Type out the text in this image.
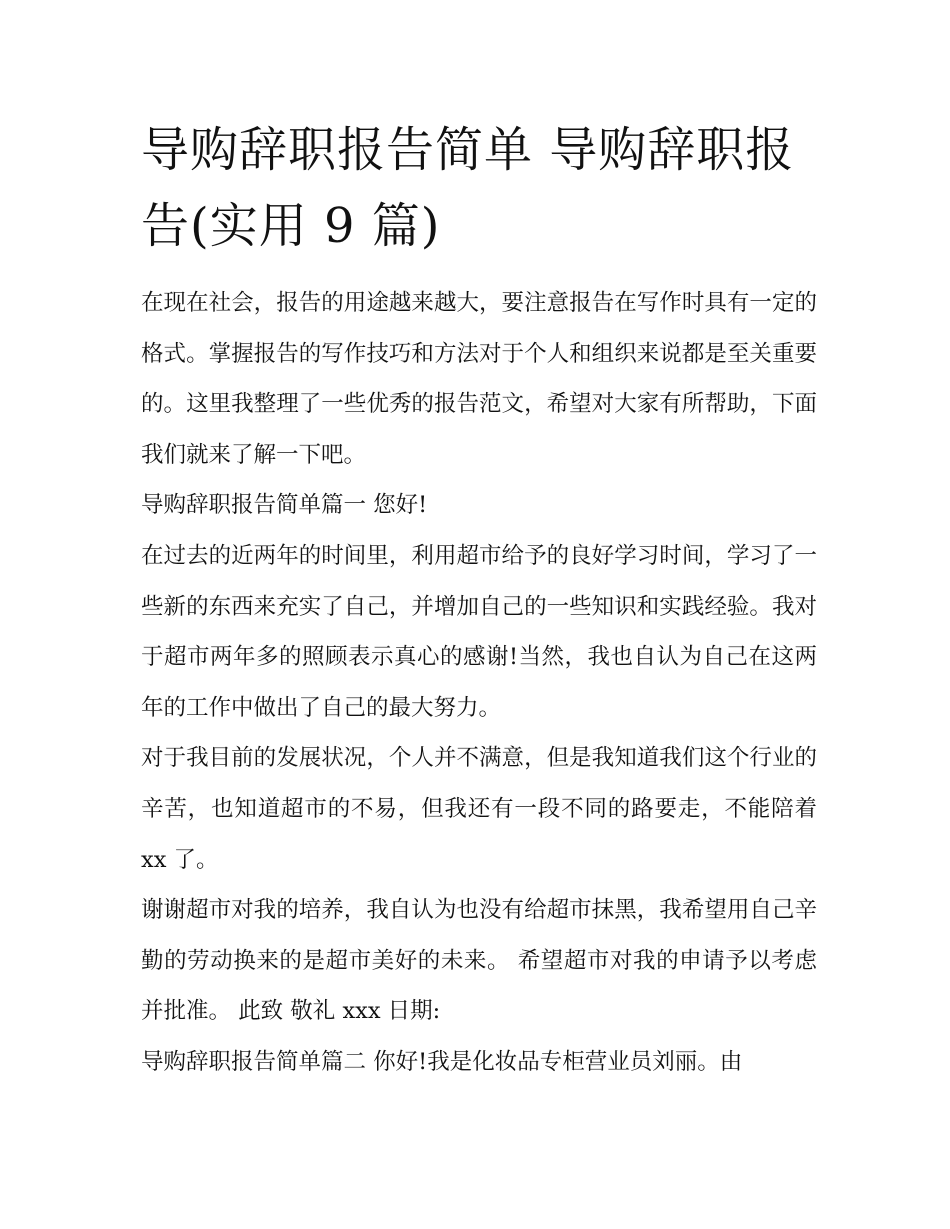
导购辞职报告简单 导购辞职报告(实用 9 篇)

在现在社会，报告的用途越来越大，要注意报告在写作时具有一定的格式。掌握报告的写作技巧和方法对于个人和组织来说都是至关重要的。这里我整理了一些优秀的报告范文，希望对大家有所帮助，下面我们就来了解一下吧。

导购辞职报告简单篇一 您好!

在过去的近两年的时间里，利用超市给予的良好学习时间，学习了一些新的东西来充实了自己，并增加自己的一些知识和实践经验。我对于超市两年多的照顾表示真心的感谢!当然，我也自认为自己在这两年的工作中做出了自己的最大努力。

对于我目前的发展状况，个人并不满意，但是我知道我们这个行业的辛苦，也知道超市的不易，但我还有一段不同的路要走，不能陪着 xx 了。

谢谢超市对我的培养，我自认为也没有给超市抹黑，我希望用自己辛勤的劳动换来的是超市美好的未来。 希望超市对我的申请予以考虑并批准。 此致 敬礼 xxx 日期:

导购辞职报告简单篇二 你好!我是化妆品专柜营业员刘丽。由
